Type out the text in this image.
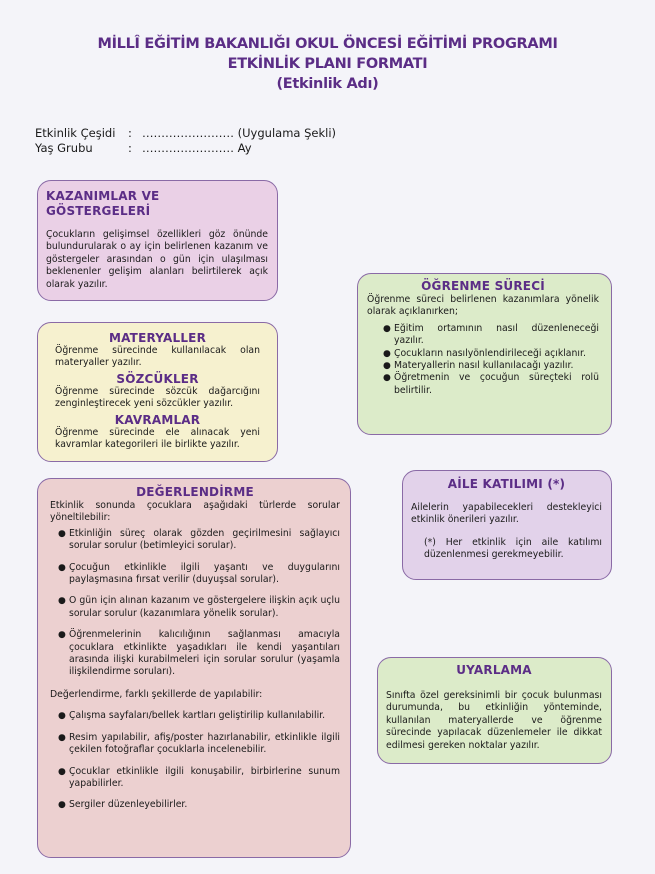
MİLLÎ EĞİTİM BAKANLIĞI OKUL ÖNCESİ EĞİTİMİ PROGRAMI
ETKİNLİK PLANI FORMATI
(Etkinlik Adı)
Etkinlik Çeşidi	: …………………… (Uygulama Şekli)
Yaş Grubu	: …………………… Ay
KAZANIMLAR VE GÖSTERGELERİ

Çocukların gelişimsel özellikleri göz önünde bulundurularak o ay için belirlenen kazanım ve göstergeler arasından o gün için ulaşılması beklenenler gelişim alanları belirtilerek açık olarak yazılır.

MATERYALLER

Öğrenme sürecinde kullanılacak olan materyaller yazılır.

SÖZCÜKLER

Öğrenme sürecinde sözcük dağarcığını zenginleştirecek yeni sözcükler yazılır.

KAVRAMLAR

Öğrenme sürecinde ele alınacak yeni kavramlar kategorileri ile birlikte yazılır.

ÖĞRENME SÜRECİ

Öğrenme süreci belirlenen kazanımlara yönelik olarak açıklanırken;

● Eğitim ortamının nasıl düzenleneceği yazılır.
● Çocukların nasılyönlendirileceği açıklanır.
● Materyallerin nasıl kullanılacağı yazılır.
● Öğretmenin ve çocuğun süreçteki rolü belirtilir.
AİLE KATILIMI (*)

Ailelerin yapabilecekleri destekleyici etkinlik önerileri yazılır.

(*) Her etkinlik için aile katılımı düzenlenmesi gerekmeyebilir.

DEĞERLENDİRME

Etkinlik sonunda çocuklara aşağıdaki türlerde sorular yöneltilebilir:

● Etkinliğin süreç olarak gözden geçirilmesini sağlayıcı sorular sorulur (betimleyici sorular).
● Çocuğun etkinlikle ilgili yaşantı ve duygularını paylaşmasına fırsat verilir (duyuşsal sorular).
● O gün için alınan kazanım ve göstergelere ilişkin açık uçlu sorular sorulur (kazanımlara yönelik sorular).
● Öğrenmelerinin kalıcılığının sağlanması amacıyla çocuklara etkinlikte yaşadıkları ile kendi yaşantıları arasında ilişki kurabilmeleri için sorular sorulur (yaşamla ilişkilendirme soruları).

Değerlendirme, farklı şekillerde de yapılabilir:

● Çalışma sayfaları/bellek kartları geliştirilip kullanılabilir.
● Resim yapılabilir, afiş/poster hazırlanabilir, etkinlikle ilgili çekilen fotoğraflar çocuklarla incelenebilir.
● Çocuklar etkinlikle ilgili konuşabilir, birbirlerine sunum yapabilirler.
● Sergiler düzenleyebilirler.
UYARLAMA

Sınıfta özel gereksinimli bir çocuk bulunması durumunda, bu etkinliğin yönteminde, kullanılan materyallerde ve öğrenme sürecinde yapılacak düzenlemeler ile dikkat edilmesi gereken noktalar yazılır.
